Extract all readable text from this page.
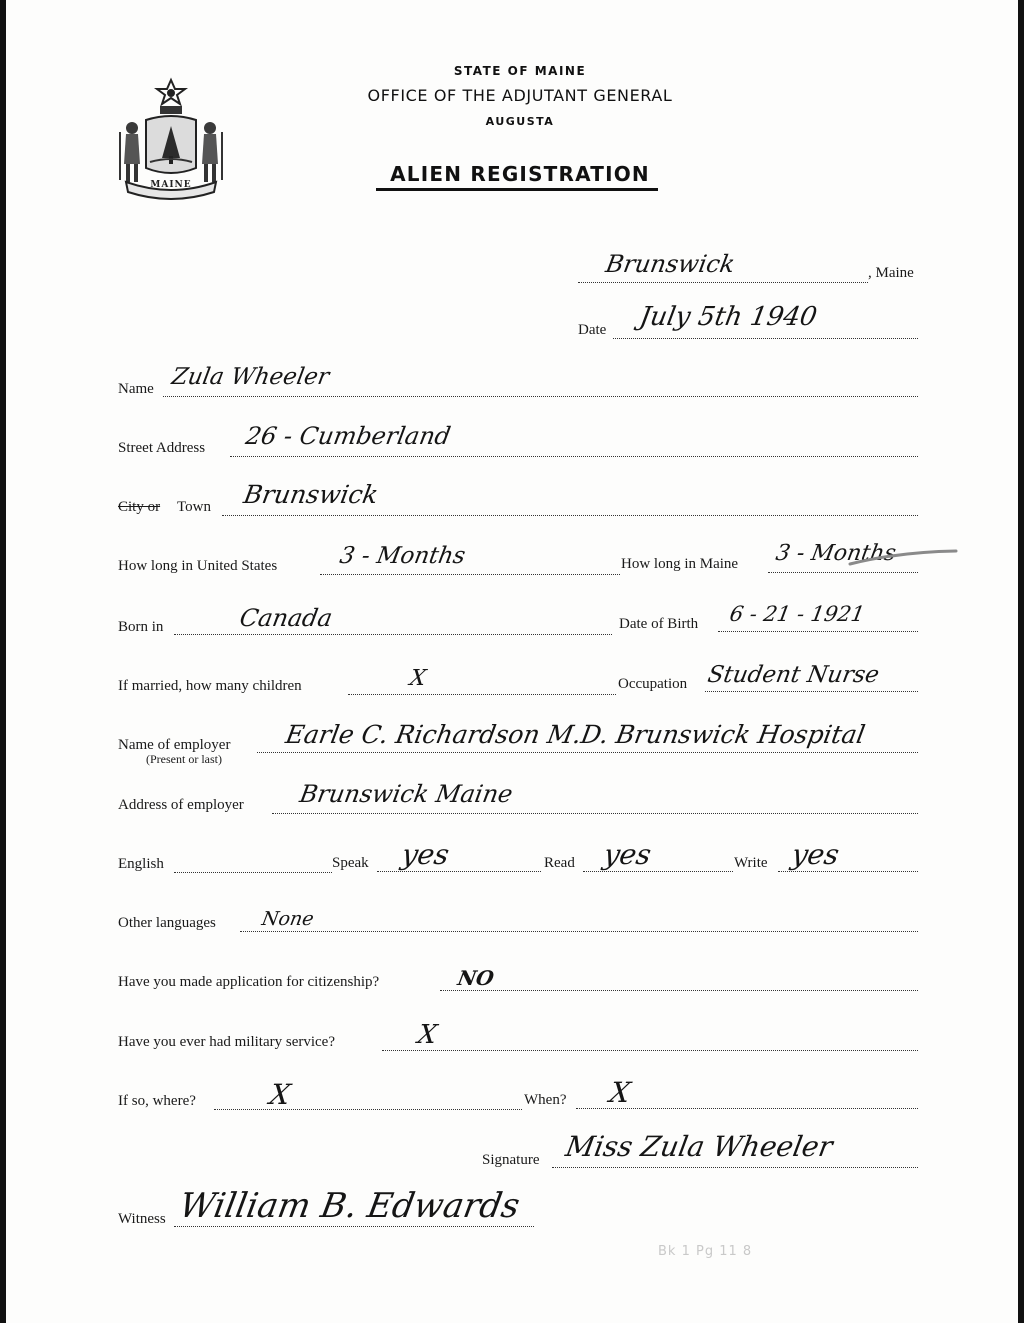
MAINE
STATE OF MAINE
OFFICE OF THE ADJUTANT GENERAL
AUGUSTA
ALIEN REGISTRATION
Brunswick	, Maine
Date July 5th 1940
Name Zula Wheeler
Street Address 26 - Cumberland
City or Town Brunswick
How long in United States	3 - Months	How long in Maine 3 - Months
Born in	Canada	Date of Birth 6 - 21 - 1921
If married, how many children	X	Occupation Student Nurse
Name of employer
(Present or last)
Earle C. Richardson M.D. Brunswick Hospital
Address of employer Brunswick Maine
English	Speak yes	Read yes	Write yes
Other languages None
Have you made application for citizenship?	NO
Have you ever had military service?	X
If so, where?	X	When? X
Signature Miss Zula Wheeler
Witness William B. Edwards
Bk 1 Pg 11 8
